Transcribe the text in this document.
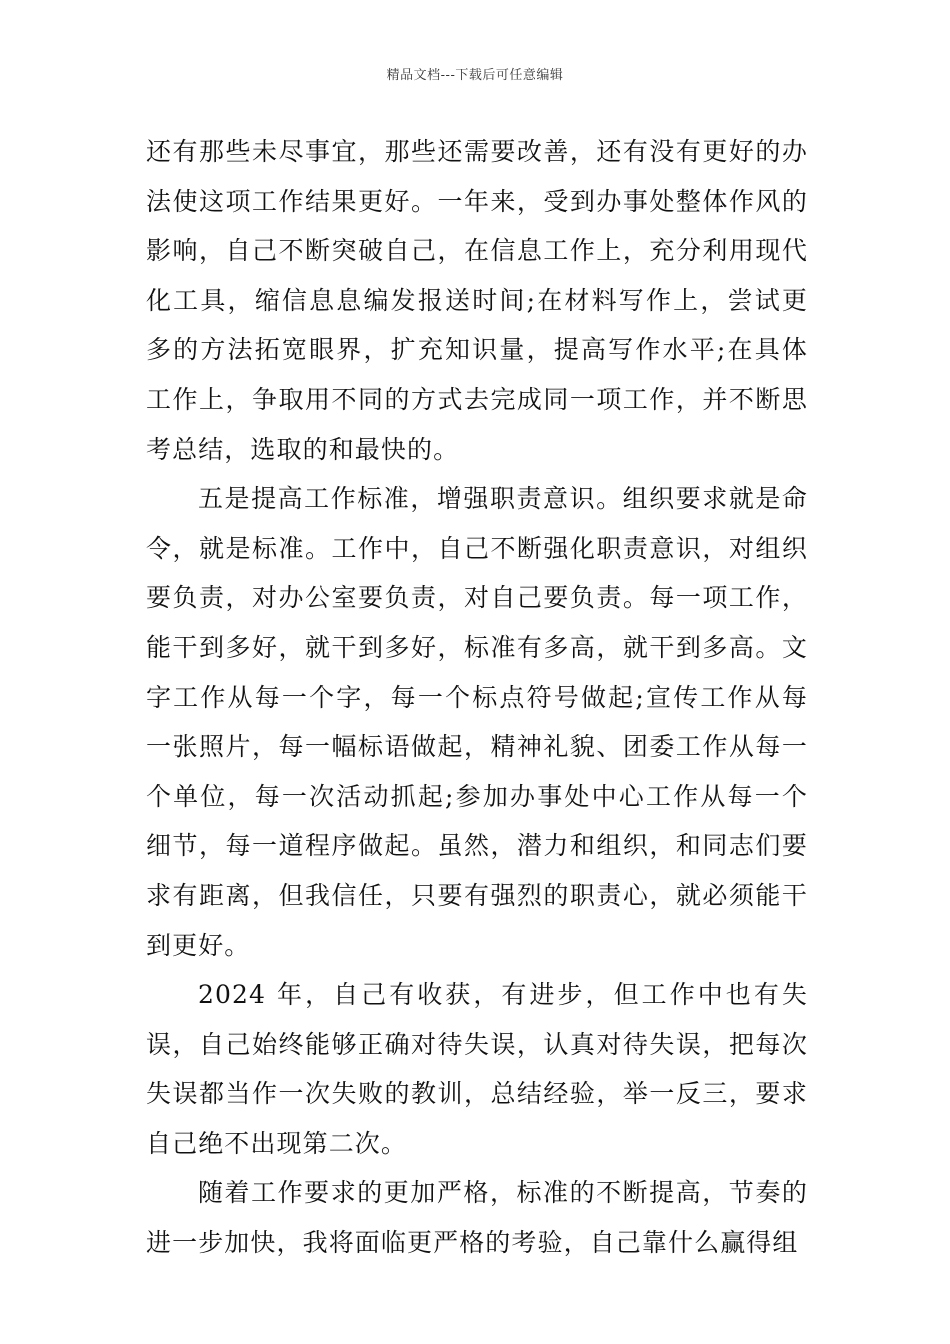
精品文档---下载后可任意编辑

还有那些未尽事宜，那些还需要改善，还有没有更好的办法使这项工作结果更好。一年来，受到办事处整体作风的影响，自己不断突破自己，在信息工作上，充分利用现代化工具，缩信息息编发报送时间;在材料写作上，尝试更多的方法拓宽眼界，扩充知识量，提高写作水平;在具体工作上，争取用不同的方式去完成同一项工作，并不断思考总结，选取的和最快的。

五是提高工作标准，增强职责意识。组织要求就是命令，就是标准。工作中，自己不断强化职责意识，对组织要负责，对办公室要负责，对自己要负责。每一项工作，能干到多好，就干到多好，标准有多高，就干到多高。文字工作从每一个字，每一个标点符号做起;宣传工作从每一张照片，每一幅标语做起，精神礼貌、团委工作从每一个单位，每一次活动抓起;参加办事处中心工作从每一个细节，每一道程序做起。虽然，潜力和组织，和同志们要求有距离，但我信任，只要有强烈的职责心，就必须能干到更好。

2024 年，自己有收获，有进步，但工作中也有失误，自己始终能够正确对待失误，认真对待失误，把每次失误都当作一次失败的教训，总结经验，举一反三，要求自己绝不出现第二次。

随着工作要求的更加严格，标准的不断提高，节奏的进一步加快，我将面临更严格的考验，自己靠什么赢得组
